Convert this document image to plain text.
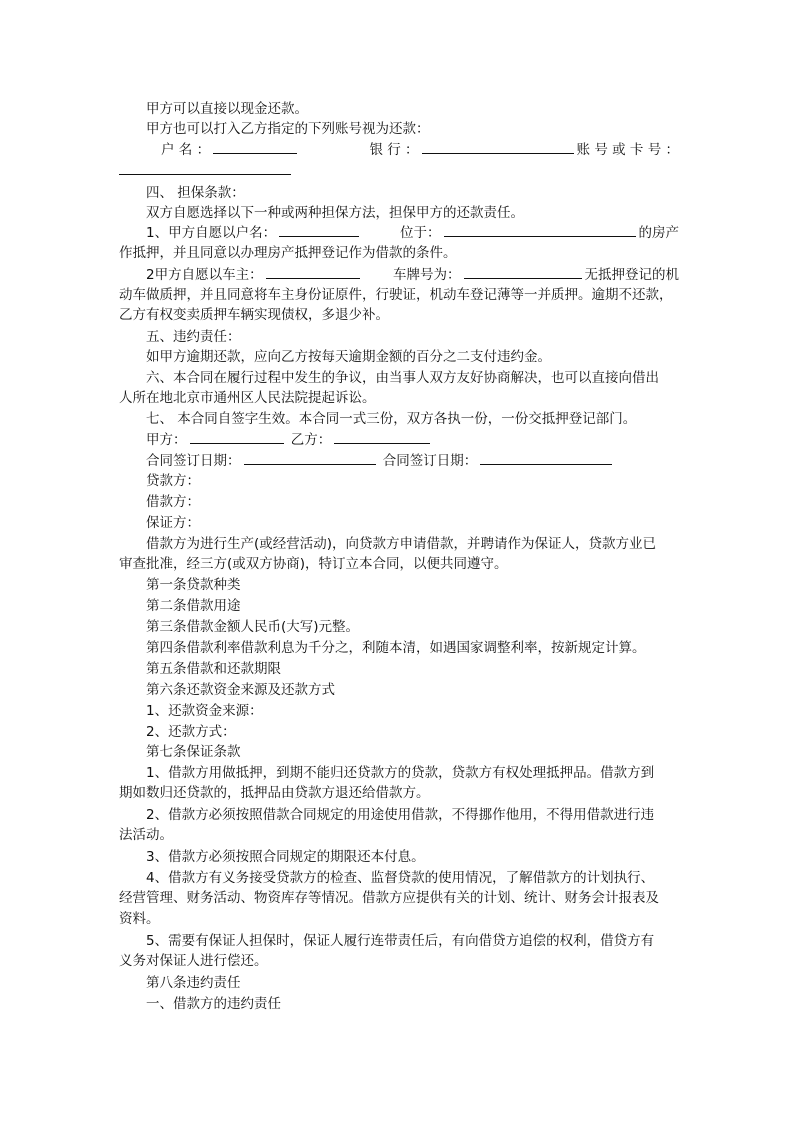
甲方可以直接以现金还款。
甲方也可以打入乙方指定的下列账号视为还款：
户 名 ：	银 行 ：	账 号 或 卡 号 ：
四、 担保条款：
双方自愿选择以下一种或两种担保方法，担保甲方的还款责任。
1、甲方自愿以户名：	位于：	的房产
作抵押，并且同意以办理房产抵押登记作为借款的条件。
2甲方自愿以车主：	车牌号为：	无抵押登记的机
动车做质押，并且同意将车主身份证原件，行驶证，机动车登记薄等一并质押。逾期不还款，
乙方有权变卖质押车辆实现债权，多退少补。
五、违约责任：
如甲方逾期还款，应向乙方按每天逾期金额的百分之二支付违约金。
六、本合同在履行过程中发生的争议，由当事人双方友好协商解决，也可以直接向借出
人所在地北京市通州区人民法院提起诉讼。
七、 本合同自签字生效。本合同一式三份，双方各执一份，一份交抵押登记部门。
甲方：	乙方：
合同签订日期：	合同签订日期：
贷款方：
借款方：
保证方：
借款方为进行生产(或经营活动)，向贷款方申请借款，并聘请作为保证人，贷款方业已
审查批准，经三方(或双方协商)，特订立本合同，以便共同遵守。
第一条贷款种类
第二条借款用途
第三条借款金额人民币(大写)元整。
第四条借款利率借款利息为千分之，利随本清，如遇国家调整利率，按新规定计算。
第五条借款和还款期限
第六条还款资金来源及还款方式
1、还款资金来源：
2、还款方式：
第七条保证条款
1、借款方用做抵押，到期不能归还贷款方的贷款，贷款方有权处理抵押品。借款方到
期如数归还贷款的，抵押品由贷款方退还给借款方。
2、借款方必须按照借款合同规定的用途使用借款，不得挪作他用，不得用借款进行违
法活动。
3、借款方必须按照合同规定的期限还本付息。
4、借款方有义务接受贷款方的检查、监督贷款的使用情况，了解借款方的计划执行、
经营管理、财务活动、物资库存等情况。借款方应提供有关的计划、统计、财务会计报表及
资料。
5、需要有保证人担保时，保证人履行连带责任后，有向借贷方追偿的权利，借贷方有
义务对保证人进行偿还。
第八条违约责任
一、借款方的违约责任
